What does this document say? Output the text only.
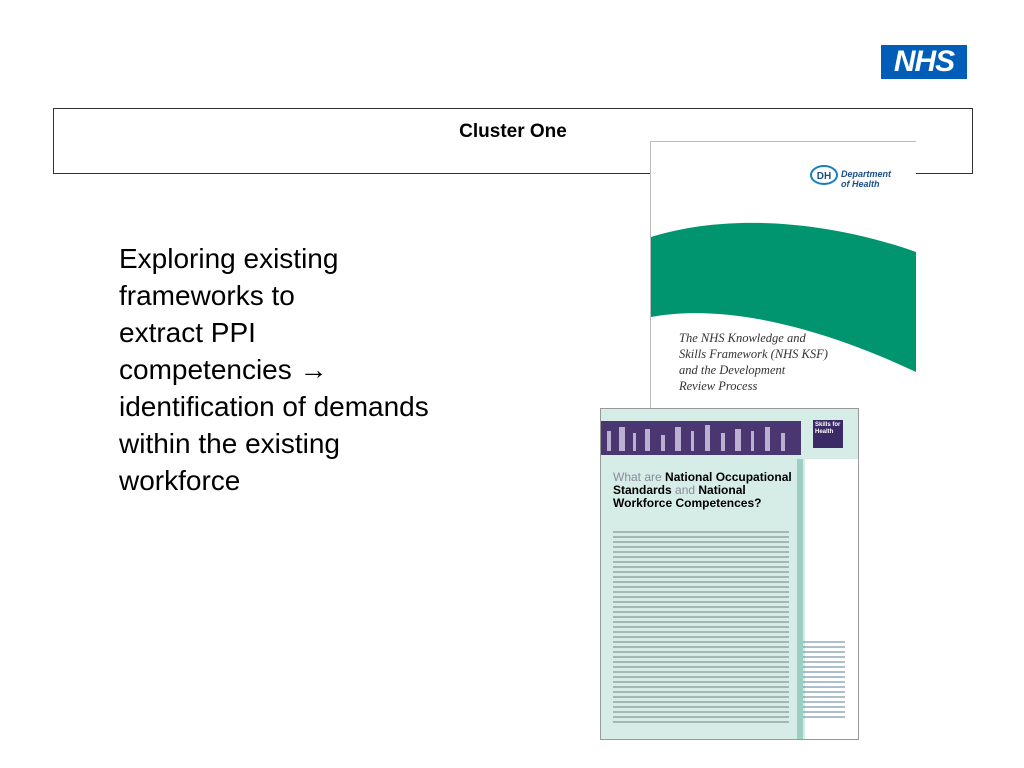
NHS
Cluster One
Exploring existing
frameworks to
extract PPI
competencies →
identification of demands
within the existing
workforce
DH Department
of Health
The NHS Knowledge and
Skills Framework (NHS KSF)
and the Development
Review Process
Skills for Health
What are National Occupational Standards and National Workforce Competences?
